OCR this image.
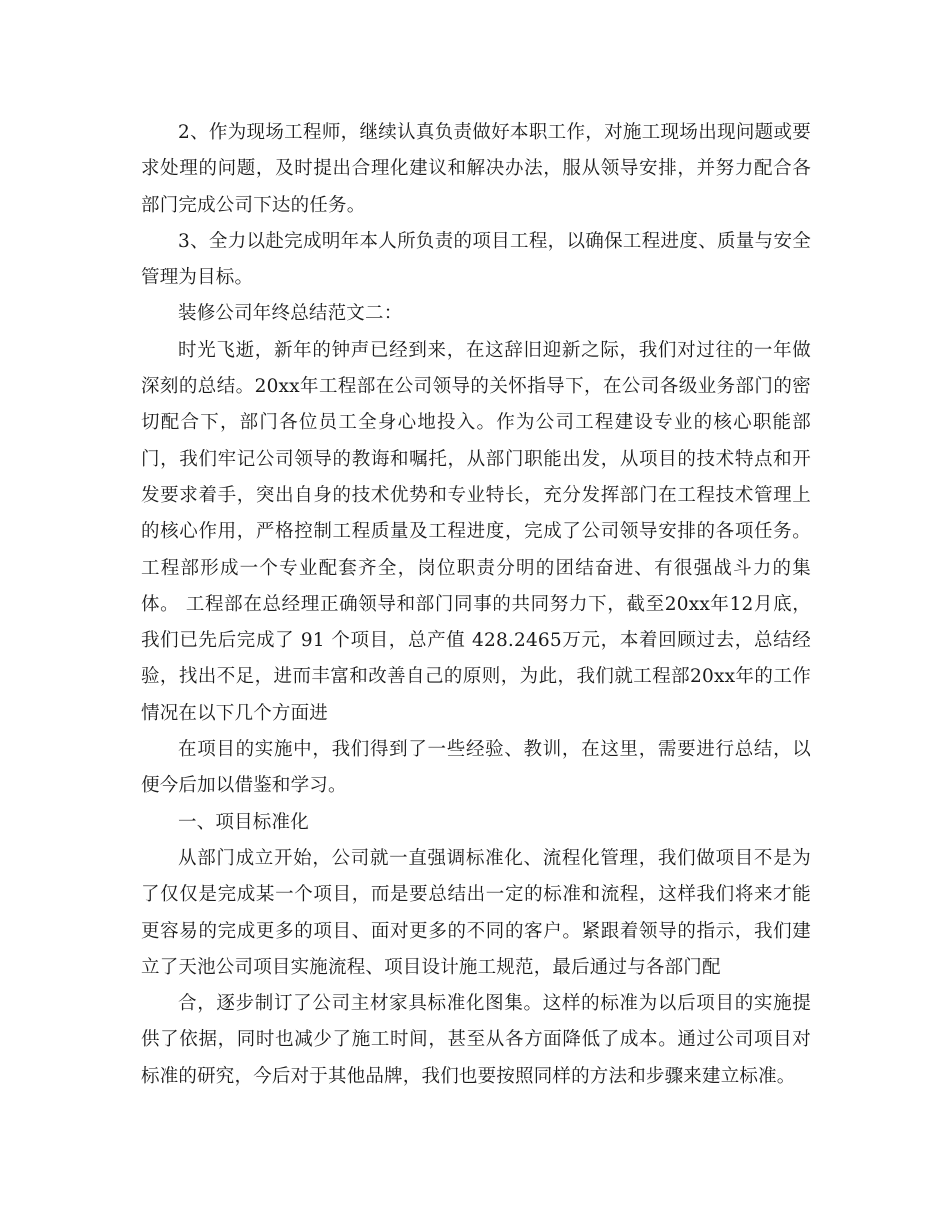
2、作为现场工程师，继续认真负责做好本职工作，对施工现场出现问题或要求处理的问题，及时提出合理化建议和解决办法，服从领导安排，并努力配合各部门完成公司下达的任务。

3、全力以赴完成明年本人所负责的项目工程，以确保工程进度、质量与安全管理为目标。

装修公司年终总结范文二：

时光飞逝，新年的钟声已经到来，在这辞旧迎新之际，我们对过往的一年做深刻的总结。20xx年工程部在公司领导的关怀指导下，在公司各级业务部门的密切配合下，部门各位员工全身心地投入。作为公司工程建设专业的核心职能部门，我们牢记公司领导的教诲和嘱托，从部门职能出发，从项目的技术特点和开发要求着手，突出自身的技术优势和专业特长，充分发挥部门在工程技术管理上的核心作用，严格控制工程质量及工程进度，完成了公司领导安排的各项任务。工程部形成一个专业配套齐全，岗位职责分明的团结奋进、有很强战斗力的集体。 工程部在总经理正确领导和部门同事的共同努力下，截至20xx年12月底，我们已先后完成了 91 个项目，总产值 428.2465万元，本着回顾过去，总结经验，找出不足，进而丰富和改善自己的原则，为此，我们就工程部20xx年的工作情况在以下几个方面进

在项目的实施中，我们得到了一些经验、教训，在这里，需要进行总结，以便今后加以借鉴和学习。

一、项目标准化

从部门成立开始，公司就一直强调标准化、流程化管理，我们做项目不是为了仅仅是完成某一个项目，而是要总结出一定的标准和流程，这样我们将来才能更容易的完成更多的项目、面对更多的不同的客户。紧跟着领导的指示，我们建立了天池公司项目实施流程、项目设计施工规范，最后通过与各部门配

合，逐步制订了公司主材家具标准化图集。这样的标准为以后项目的实施提供了依据，同时也减少了施工时间，甚至从各方面降低了成本。通过公司项目对标准的研究，今后对于其他品牌，我们也要按照同样的方法和步骤来建立标准。
